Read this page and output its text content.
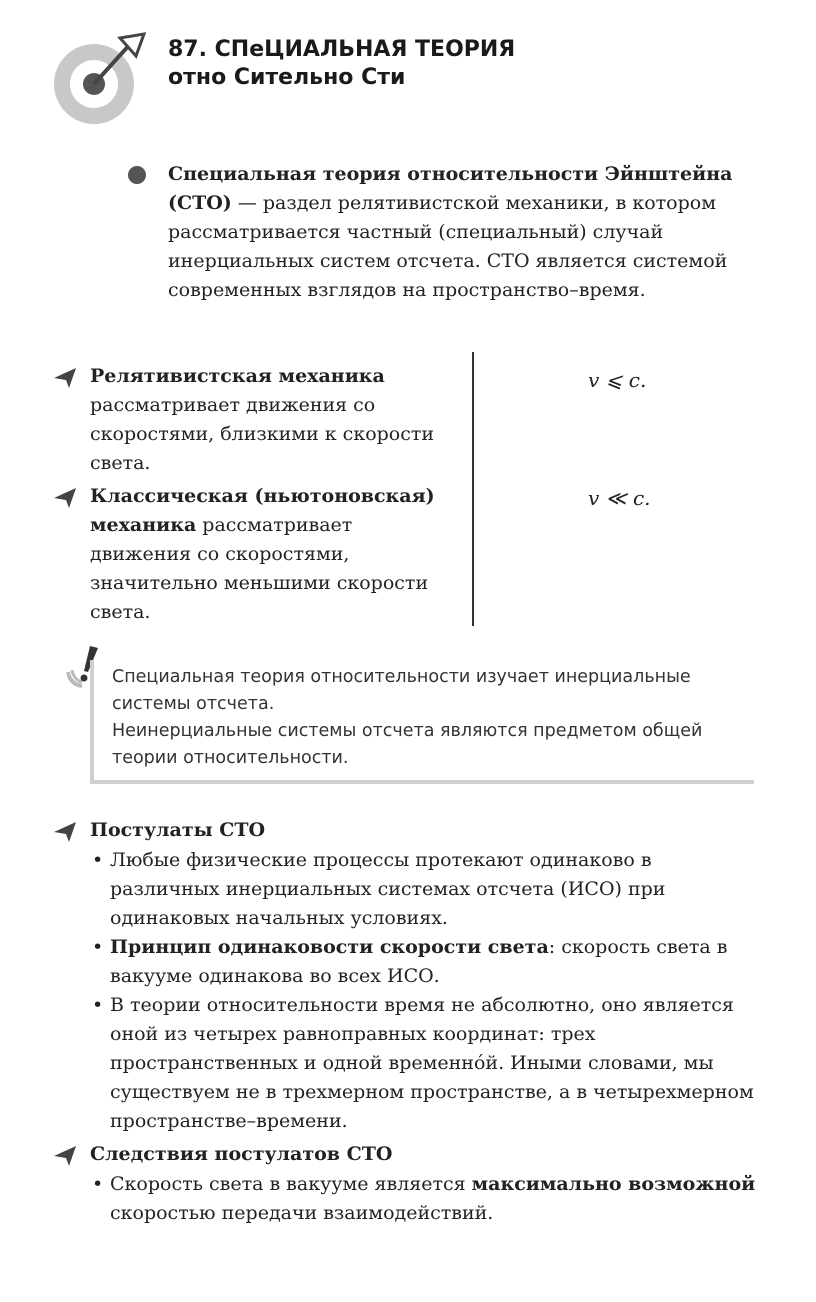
87. СПеЦИАЛЬНАЯ ТЕОРИЯ
отно Сительно Сти
Специальная теория относительности Эйнштейна (СТО) — раздел релятивистской механики, в котором рассматривается частный (специальный) случай инерциальных систем отсчета. СТО является системой современных взглядов на пространство–время.
Релятивистская механика рассматривает движения со скоростями, близкими к скорости света.
v ⩽ c.
Классическая (ньютоновская) механика рассматривает движения со скоростями, значительно меньшими скорости света.
v ≪ c.
Специальная теория относительности изучает инерциальные системы отсчета.
Неинерциальные системы отсчета являются предметом общей теории относительности.
Постулаты СТО
• Любые физические процессы протекают одинаково в различных инерциальных системах отсчета (ИСО) при одинаковых начальных условиях.
• Принцип одинаковости скорости света: скорость света в вакууме одинакова во всех ИСО.
• В теории относительности время не абсолютно, оно является оной из четырех равноправных координат: трех пространственных и одной временно́й. Иными словами, мы существуем не в трехмерном пространстве, а в четырехмерном пространстве–времени.
Следствия постулатов СТО
• Скорость света в вакууме является максимально возможной скоростью передачи взаимодействий.
